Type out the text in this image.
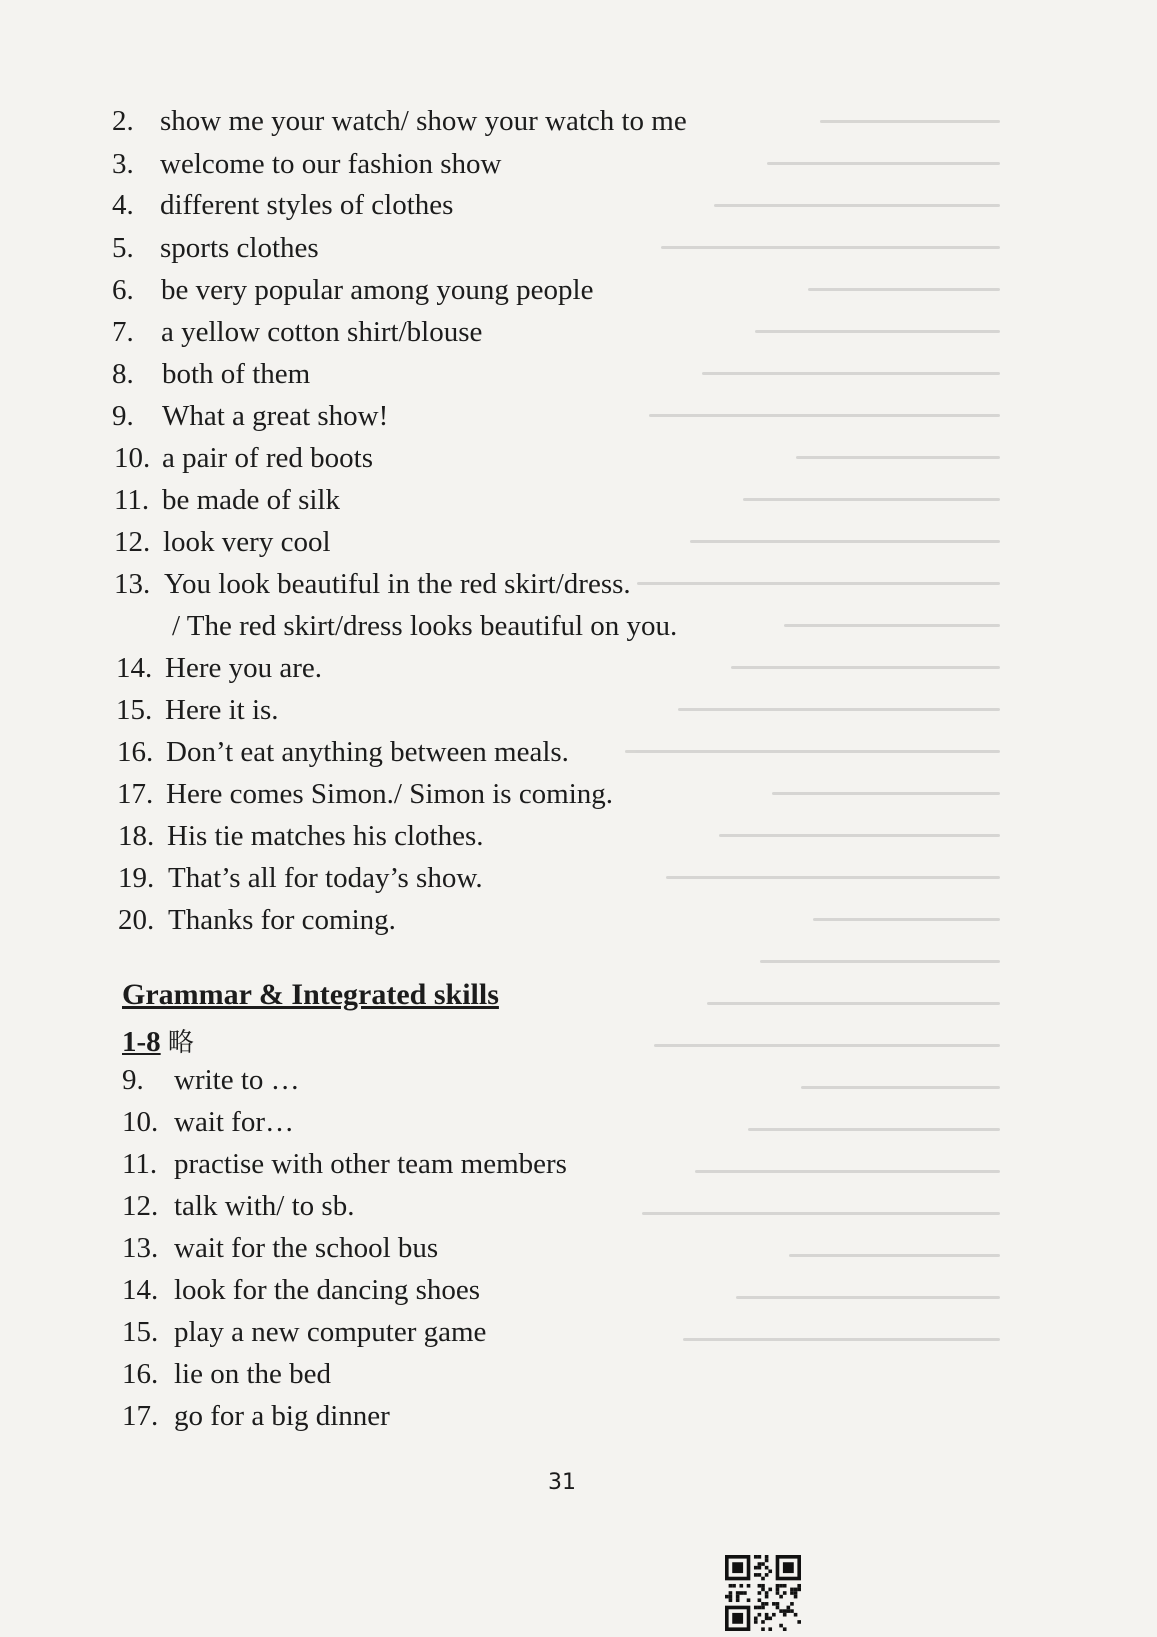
2. show me your watch/ show your watch to me
3. welcome to our fashion show
4. different styles of clothes
5. sports clothes
6. be very popular among young people
7. a yellow cotton shirt/blouse
8. both of them
9. What a great show!
10. a pair of red boots
11. be made of silk
12. look very cool
13. You look beautiful in the red skirt/dress.
/ The red skirt/dress looks beautiful on you.
14. Here you are.
15. Here it is.
16. Don’t eat anything between meals.
17. Here comes Simon./ Simon is coming.
18. His tie matches his clothes.
19. That’s all for today’s show.
20. Thanks for coming.
Grammar & Integrated skills
1-8 略
9. write to …
10. wait for…
11. practise with other team members
12. talk with/ to sb.
13. wait for the school bus
14. look for the dancing shoes
15. play a new computer game
16. lie on the bed
17. go for a big dinner
31
